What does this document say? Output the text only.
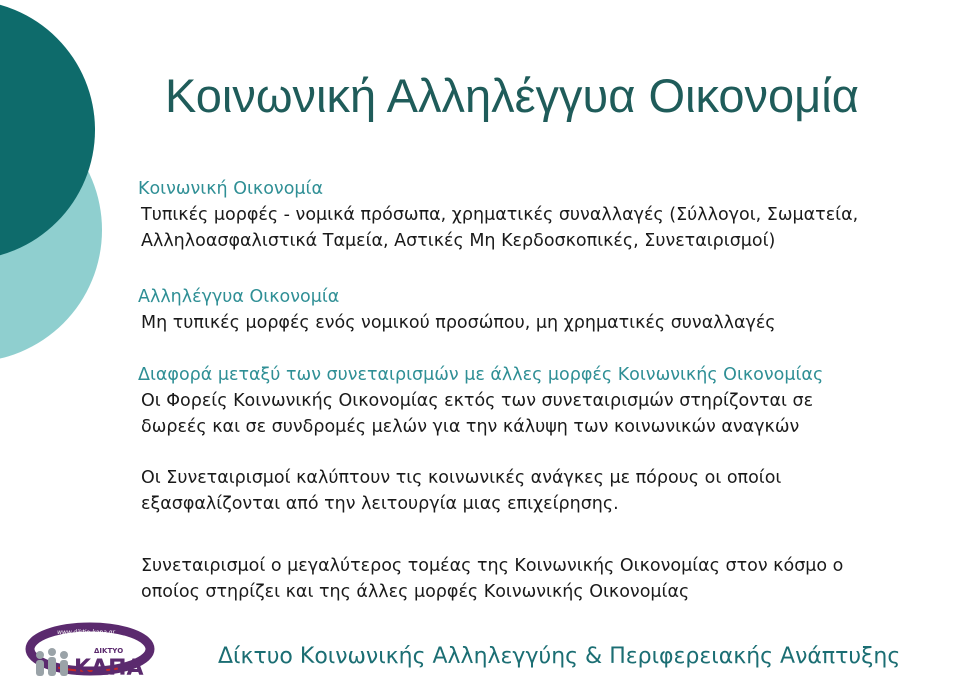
Κοινωνική Αλληλέγγυα Οικονομία
Κοινωνική Οικονομία
Τυπικές μορφές - νομικά πρόσωπα, χρηματικές συναλλαγές (Σύλλογοι, Σωματεία,
Αλληλοασφαλιστικά Ταμεία, Αστικές Μη Κερδοσκοπικές, Συνεταιρισμοί)
Αλληλέγγυα Οικονομία
Μη τυπικές μορφές ενός νομικού προσώπου, μη χρηματικές συναλλαγές
Διαφορά μεταξύ των συνεταιρισμών με άλλες μορφές Κοινωνικής Οικονομίας
Οι Φορείς Κοινωνικής Οικονομίας εκτός των συνεταιρισμών στηρίζονται σε
δωρεές και σε συνδρομές μελών για την κάλυψη των κοινωνικών αναγκών
Οι Συνεταιρισμοί καλύπτουν τις κοινωνικές ανάγκες με πόρους οι οποίοι
εξασφαλίζονται από την λειτουργία μιας επιχείρησης.
Συνεταιρισμοί ο μεγαλύτερος τομέας της Κοινωνικής Οικονομίας στον κόσμο ο
οποίος στηρίζει και της άλλες μορφές Κοινωνικής Οικονομίας
www.diktio-kapa.gr
ΔΙΚΤΥΟ
ΚΑΠΑ	Δίκτυο Κοινωνικής Αλληλεγγύης & Περιφερειακής Ανάπτυξης
